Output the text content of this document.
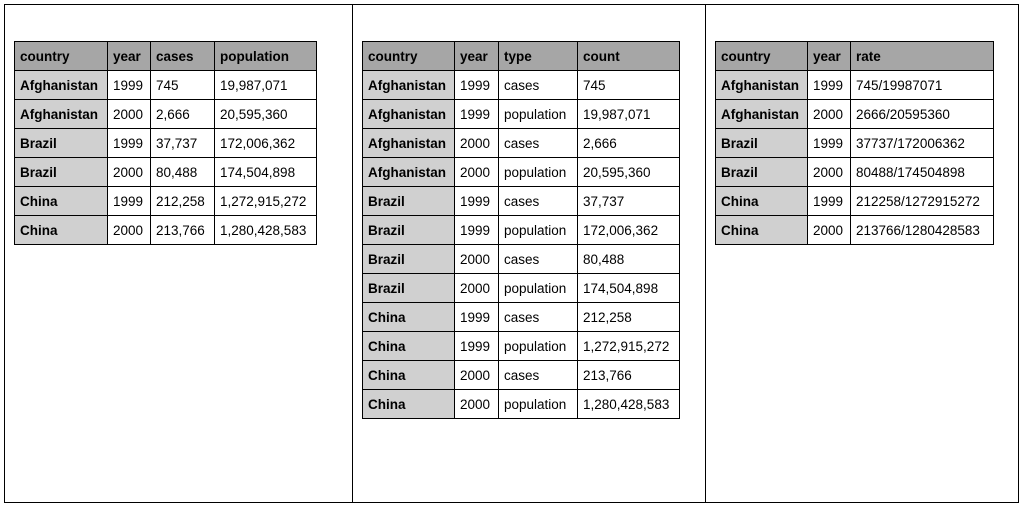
country	year	cases	population
Afghanistan	1999	745	19,987,071
Afghanistan	2000	2,666	20,595,360
Brazil	1999	37,737	172,006,362
Brazil	2000	80,488	174,504,898
China	1999	212,258	1,272,915,272
China	2000	213,766	1,280,428,583
country	year	type	count
Afghanistan	1999	cases	745
Afghanistan	1999	population	19,987,071
Afghanistan	2000	cases	2,666
Afghanistan	2000	population	20,595,360
Brazil	1999	cases	37,737
Brazil	1999	population	172,006,362
Brazil	2000	cases	80,488
Brazil	2000	population	174,504,898
China	1999	cases	212,258
China	1999	population	1,272,915,272
China	2000	cases	213,766
China	2000	population	1,280,428,583
country	year	rate
Afghanistan	1999	745/19987071
Afghanistan	2000	2666/20595360
Brazil	1999	37737/172006362
Brazil	2000	80488/174504898
China	1999	212258/1272915272
China	2000	213766/1280428583
